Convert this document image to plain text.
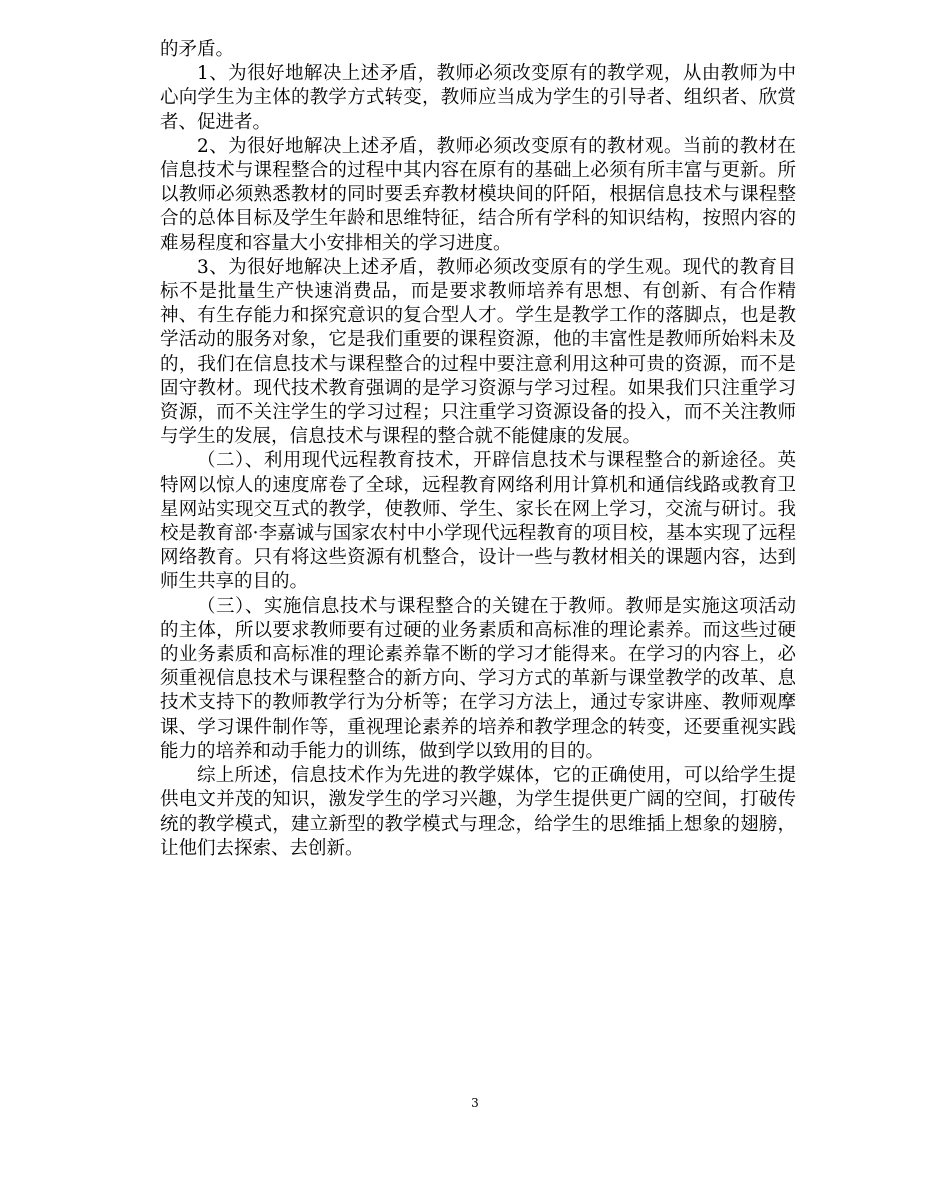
的矛盾。

1、为很好地解决上述矛盾，教师必须改变原有的教学观，从由教师为中心向学生为主体的教学方式转变，教师应当成为学生的引导者、组织者、欣赏者、促进者。

2、为很好地解决上述矛盾，教师必须改变原有的教材观。当前的教材在信息技术与课程整合的过程中其内容在原有的基础上必须有所丰富与更新。所以教师必须熟悉教材的同时要丢弃教材模块间的阡陌，根据信息技术与课程整合的总体目标及学生年龄和思维特征，结合所有学科的知识结构，按照内容的难易程度和容量大小安排相关的学习进度。

3、为很好地解决上述矛盾，教师必须改变原有的学生观。现代的教育目标不是批量生产快速消费品，而是要求教师培养有思想、有创新、有合作精神、有生存能力和探究意识的复合型人才。学生是教学工作的落脚点，也是教学活动的服务对象，它是我们重要的课程资源，他的丰富性是教师所始料未及的，我们在信息技术与课程整合的过程中要注意利用这种可贵的资源，而不是固守教材。现代技术教育强调的是学习资源与学习过程。如果我们只注重学习资源，而不关注学生的学习过程；只注重学习资源设备的投入，而不关注教师与学生的发展，信息技术与课程的整合就不能健康的发展。

（二）、利用现代远程教育技术，开辟信息技术与课程整合的新途径。英特网以惊人的速度席卷了全球，远程教育网络利用计算机和通信线路或教育卫星网站实现交互式的教学，使教师、学生、家长在网上学习，交流与研讨。我校是教育部·李嘉诚与国家农村中小学现代远程教育的项目校，基本实现了远程网络教育。只有将这些资源有机整合，设计一些与教材相关的课题内容，达到师生共享的目的。

（三）、实施信息技术与课程整合的关键在于教师。教师是实施这项活动的主体，所以要求教师要有过硬的业务素质和高标准的理论素养。而这些过硬的业务素质和高标准的理论素养靠不断的学习才能得来。在学习的内容上，必须重视信息技术与课程整合的新方向、学习方式的革新与课堂教学的改革、息技术支持下的教师教学行为分析等；在学习方法上，通过专家讲座、教师观摩课、学习课件制作等，重视理论素养的培养和教学理念的转变，还要重视实践能力的培养和动手能力的训练，做到学以致用的目的。

综上所述，信息技术作为先进的教学媒体，它的正确使用，可以给学生提供电文并茂的知识，激发学生的学习兴趣，为学生提供更广阔的空间，打破传统的教学模式，建立新型的教学模式与理念，给学生的思维插上想象的翅膀，让他们去探索、去创新。

3
